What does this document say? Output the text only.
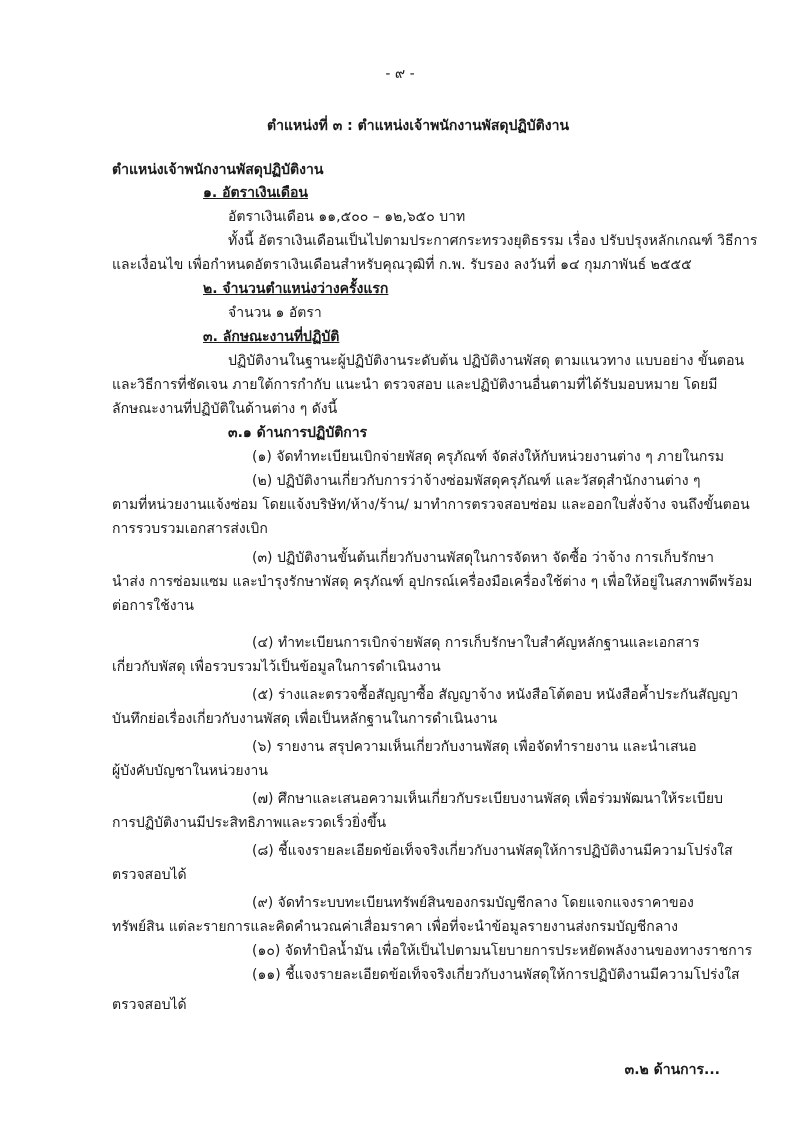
- ๙ -
ตำแหน่งที่ ๓ : ตำแหน่งเจ้าพนักงานพัสดุปฏิบัติงาน
ตำแหน่งเจ้าพนักงานพัสดุปฏิบัติงาน
๑. อัตราเงินเดือน
อัตราเงินเดือน ๑๑,๕๐๐ – ๑๒,๖๕๐ บาท
ทั้งนี้ อัตราเงินเดือนเป็นไปตามประกาศกระทรวงยุติธรรม เรื่อง ปรับปรุงหลักเกณฑ์ วิธีการ
และเงื่อนไข เพื่อกำหนดอัตราเงินเดือนสำหรับคุณวุฒิที่ ก.พ. รับรอง ลงวันที่ ๑๔ กุมภาพันธ์ ๒๕๕๕
๒. จำนวนตำแหน่งว่างครั้งแรก
จำนวน ๑ อัตรา
๓. ลักษณะงานที่ปฏิบัติ
ปฏิบัติงานในฐานะผู้ปฏิบัติงานระดับต้น ปฏิบัติงานพัสดุ ตามแนวทาง แบบอย่าง ขั้นตอน
และวิธีการที่ชัดเจน ภายใต้การกำกับ แนะนำ ตรวจสอบ และปฏิบัติงานอื่นตามที่ได้รับมอบหมาย โดยมี
ลักษณะงานที่ปฏิบัติในด้านต่าง ๆ ดังนี้
๓.๑ ด้านการปฏิบัติการ
(๑) จัดทำทะเบียนเบิกจ่ายพัสดุ ครุภัณฑ์ จัดส่งให้กับหน่วยงานต่าง ๆ ภายในกรม
(๒) ปฏิบัติงานเกี่ยวกับการว่าจ้างซ่อมพัสดุครุภัณฑ์ และวัสดุสำนักงานต่าง ๆ
ตามที่หน่วยงานแจ้งซ่อม โดยแจ้งบริษัท/ห้าง/ร้าน/ มาทำการตรวจสอบซ่อม และออกใบสั่งจ้าง จนถึงขั้นตอน
การรวบรวมเอกสารส่งเบิก
(๓) ปฏิบัติงานขั้นต้นเกี่ยวกับงานพัสดุในการจัดหา จัดซื้อ ว่าจ้าง การเก็บรักษา
นำส่ง การซ่อมแซม และบำรุงรักษาพัสดุ ครุภัณฑ์ อุปกรณ์เครื่องมือเครื่องใช้ต่าง ๆ เพื่อให้อยู่ในสภาพดีพร้อม
ต่อการใช้งาน
(๔) ทำทะเบียนการเบิกจ่ายพัสดุ การเก็บรักษาใบสำคัญหลักฐานและเอกสาร
เกี่ยวกับพัสดุ เพื่อรวบรวมไว้เป็นข้อมูลในการดำเนินงาน
(๕) ร่างและตรวจซื้อสัญญาซื้อ สัญญาจ้าง หนังสือโต้ตอบ หนังสือค้ำประกันสัญญา
บันทึกย่อเรื่องเกี่ยวกับงานพัสดุ เพื่อเป็นหลักฐานในการดำเนินงาน
(๖) รายงาน สรุปความเห็นเกี่ยวกับงานพัสดุ เพื่อจัดทำรายงาน และนำเสนอ
ผู้บังคับบัญชาในหน่วยงาน
(๗) ศึกษาและเสนอความเห็นเกี่ยวกับระเบียบงานพัสดุ เพื่อร่วมพัฒนาให้ระเบียบ
การปฏิบัติงานมีประสิทธิภาพและรวดเร็วยิ่งขึ้น
(๘) ชี้แจงรายละเอียดข้อเท็จจริงเกี่ยวกับงานพัสดุให้การปฏิบัติงานมีความโปร่งใส
ตรวจสอบได้
(๙) จัดทำระบบทะเบียนทรัพย์สินของกรมบัญชีกลาง โดยแจกแจงราคาของ
ทรัพย์สิน แต่ละรายการและคิดคำนวณค่าเสื่อมราคา เพื่อที่จะนำข้อมูลรายงานส่งกรมบัญชีกลาง
(๑๐) จัดทำบิลน้ำมัน เพื่อให้เป็นไปตามนโยบายการประหยัดพลังงานของทางราชการ
(๑๑) ชี้แจงรายละเอียดข้อเท็จจริงเกี่ยวกับงานพัสดุให้การปฏิบัติงานมีความโปร่งใส
ตรวจสอบได้
๓.๒ ด้านการ...
